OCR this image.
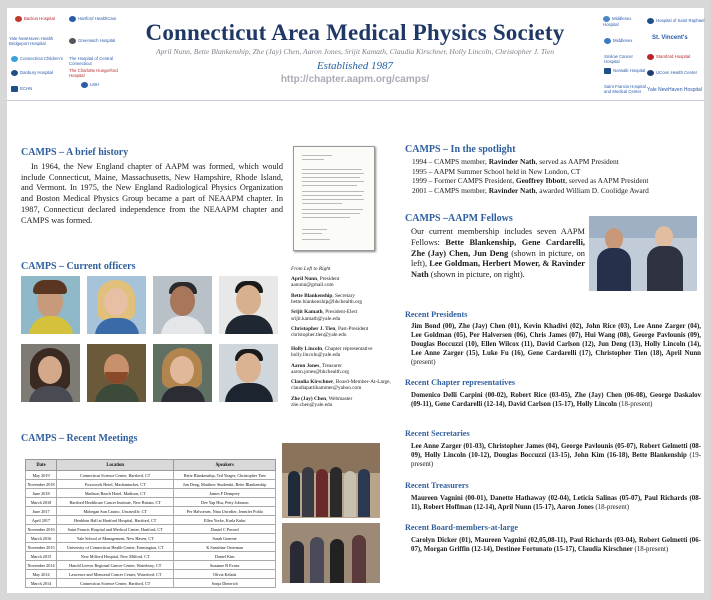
Backus Hospital	Hartford HealthCare
Yale NewHaven Health Bridgeport Hospital
Greenwich Hospital
Connecticut Children's The Hospital of Central Connecticut
Danbury Hospital	The Charlotte Hungerford Hospital
ECHN
LMH
Connecticut Area Medical Physics Society
April Nunn, Bette Blankenship, Zhe (Jay) Chen, Aaron Jones, Srijit Kamath, Claudia Kirschner, Holly Lincoln, Christopher J. Tien
Established 1987
http://chapter.aapm.org/camps/
Middlesex Hospital
Hospital of Saint Raphael
Middlesex	St. Vincent's
Stamford Hospital
Smilow Cancer Hospital
Norwalk Hospital	UConn Health Center
Saint Francis Hospital and Medical Center	Yale NewHaven Hospital
CAMPS – A brief history
In 1964, the New England chapter of AAPM was formed, which would include Connecticut, Maine, Massachusetts, New Hampshire, Rhode Island, and Vermont. In 1975, the New England Radiological Physics Organization and Boston Medical Physics Group became a part of NEAAPM chapter. In 1987, Connecticut declared independence from the NEAAPM chapter and CAMPS was formed.
CAMPS – Current officers	From Left to Right
April Nunn, President
aanunn@gmail.com
Bette Blankenship, Secretary
bette.blankenship@hhchealth.org
Srijit Kamath, President-Elect
srijit.kamath@yale.edu
Christopher J. Tien, Past-President
christopher.tien@yale.edu
Holly Lincoln, Chapter representative
holly.lincoln@yale.edu
Aaron Jones, Treasurer
aaron.jones@hhchealth.org
Claudia Kirschner, Board-Member-At-Large,
claudiapattikammer@yahoo.com
Zhe (Jay) Chen, Webmaster
zhe.chen@yale.edu
CAMPS – Recent Meetings
Date	Location	Speakers
May 2019	Connecticut Science Center, Hartford, CT	Bette Blankenship, Ted Yeager, Christopher Tien
November 2018	Foxwoods Hotel, Mashantucket, CT	Jun Deng, Matthew Studenski, Bette Blankenship
June 2018	Madison Beach Hotel, Madison, CT	James F Dempsey
March 2018	Hartford Healthcare Cancer Institute, New Britain, CT	Dee Yap Hsu, Petty Johnson
June 2017	Mohegan Sun Casino, Uncasville, CT	Per Halvorsen, Nina Uncrdier, Jennifer Pohla
April 2017	Heublein Hall at Hartford Hospital, Hartford, CT	Ellen Yorke, Karla Kuhn
November 2016	Saint Francis Hospital and Medical Center, Hartford, CT	Daniel C Pavord
March 2016	Yale School of Management, New Haven, CT	Sarah Geneser
November 2015	University of Connecticut Health Center, Farmington, CT	K Sunshine Osterman
March 2015	New Milford Hospital, New Milford, CT	Daniel Kim
November 2014	Harold Leever Regional Cancer Center, Waterbury, CT	Suzanne B Evans
May 2014	Lawrence and Memorial Cancer Center, Waterford, CT	Olivia Kelada
March 2014	Connecticut Science Center, Hartford, CT	Sonja Dieterich
CAMPS – In the spotlight
1994 – CAMPS member, Ravinder Nath, served as AAPM President
1995 – AAPM Summer School held in New London, CT
1999 – Former CAMPS President, Geoffrey Ibbott, served as AAPM President
2001 – CAMPS member, Ravinder Nath, awarded William D. Coolidge Award
CAMPS –AAPM Fellows
Our current membership includes seven AAPM Fellows: Bette Blankenship, Gene Cardarelli, Zhe (Jay) Chen, Jun Deng (shown in picture, on left), Lee Goldman, Herbert Mower, & Ravinder Nath (shown in picture, on right).
Recent Presidents
Jim Bond (00), Zhe (Jay) Chen (01), Kevin Khadivi (02), John Rice (03), Lee Anne Zarger (04), Lee Goldman (05), Per Halversen (06), Chris James (07), Hui Wang (08), George Pavlounis (09), Douglas Boccuzzi (10), Ellen Wilcox (11), David Carlson (12), Jun Deng (13), Holly Lincoln (14), Lee Anne Zarger (15), Luke Fu (16), Gene Cardarelli (17), Christopher Tien (18), April Nunn (present)
Recent Chapter representatives
Domenico Delli Carpini (00-02), Robert Rice (03-05), Zhe (Jay) Chen (06-08), George Daskalov (09-11), Gene Cardarelli (12-14), David Carlson (15-17), Holly Lincoln (18-present)
Recent Secretaries
Lee Anne Zarger (01-03), Christopher James (04), George Pavlounis (05-07), Robert Gelmetti (08-09), Holly Lincoln (10-12), Douglas Boccuzzi (13-15), John Kim (16-18), Bette Blankenship (19-present)
Recent Treasurers
Maureen Vagnini (00-01), Danette Hathaway (02-04), Leticia Salinas (05-07), Paul Richards (08-11), Robert Hoffman (12-14), April Nunn (15-17), Aaron Jones (18-present)
Recent Board-members-at-large
Carolyn Dicker (01), Maureen Vagnini (02,05,08-11), Paul Richards (03-04), Robert Gelmetti (06-07), Morgan Griffin (12-14), Destinee Fortunato (15-17), Claudia Kirschner (18-present)
